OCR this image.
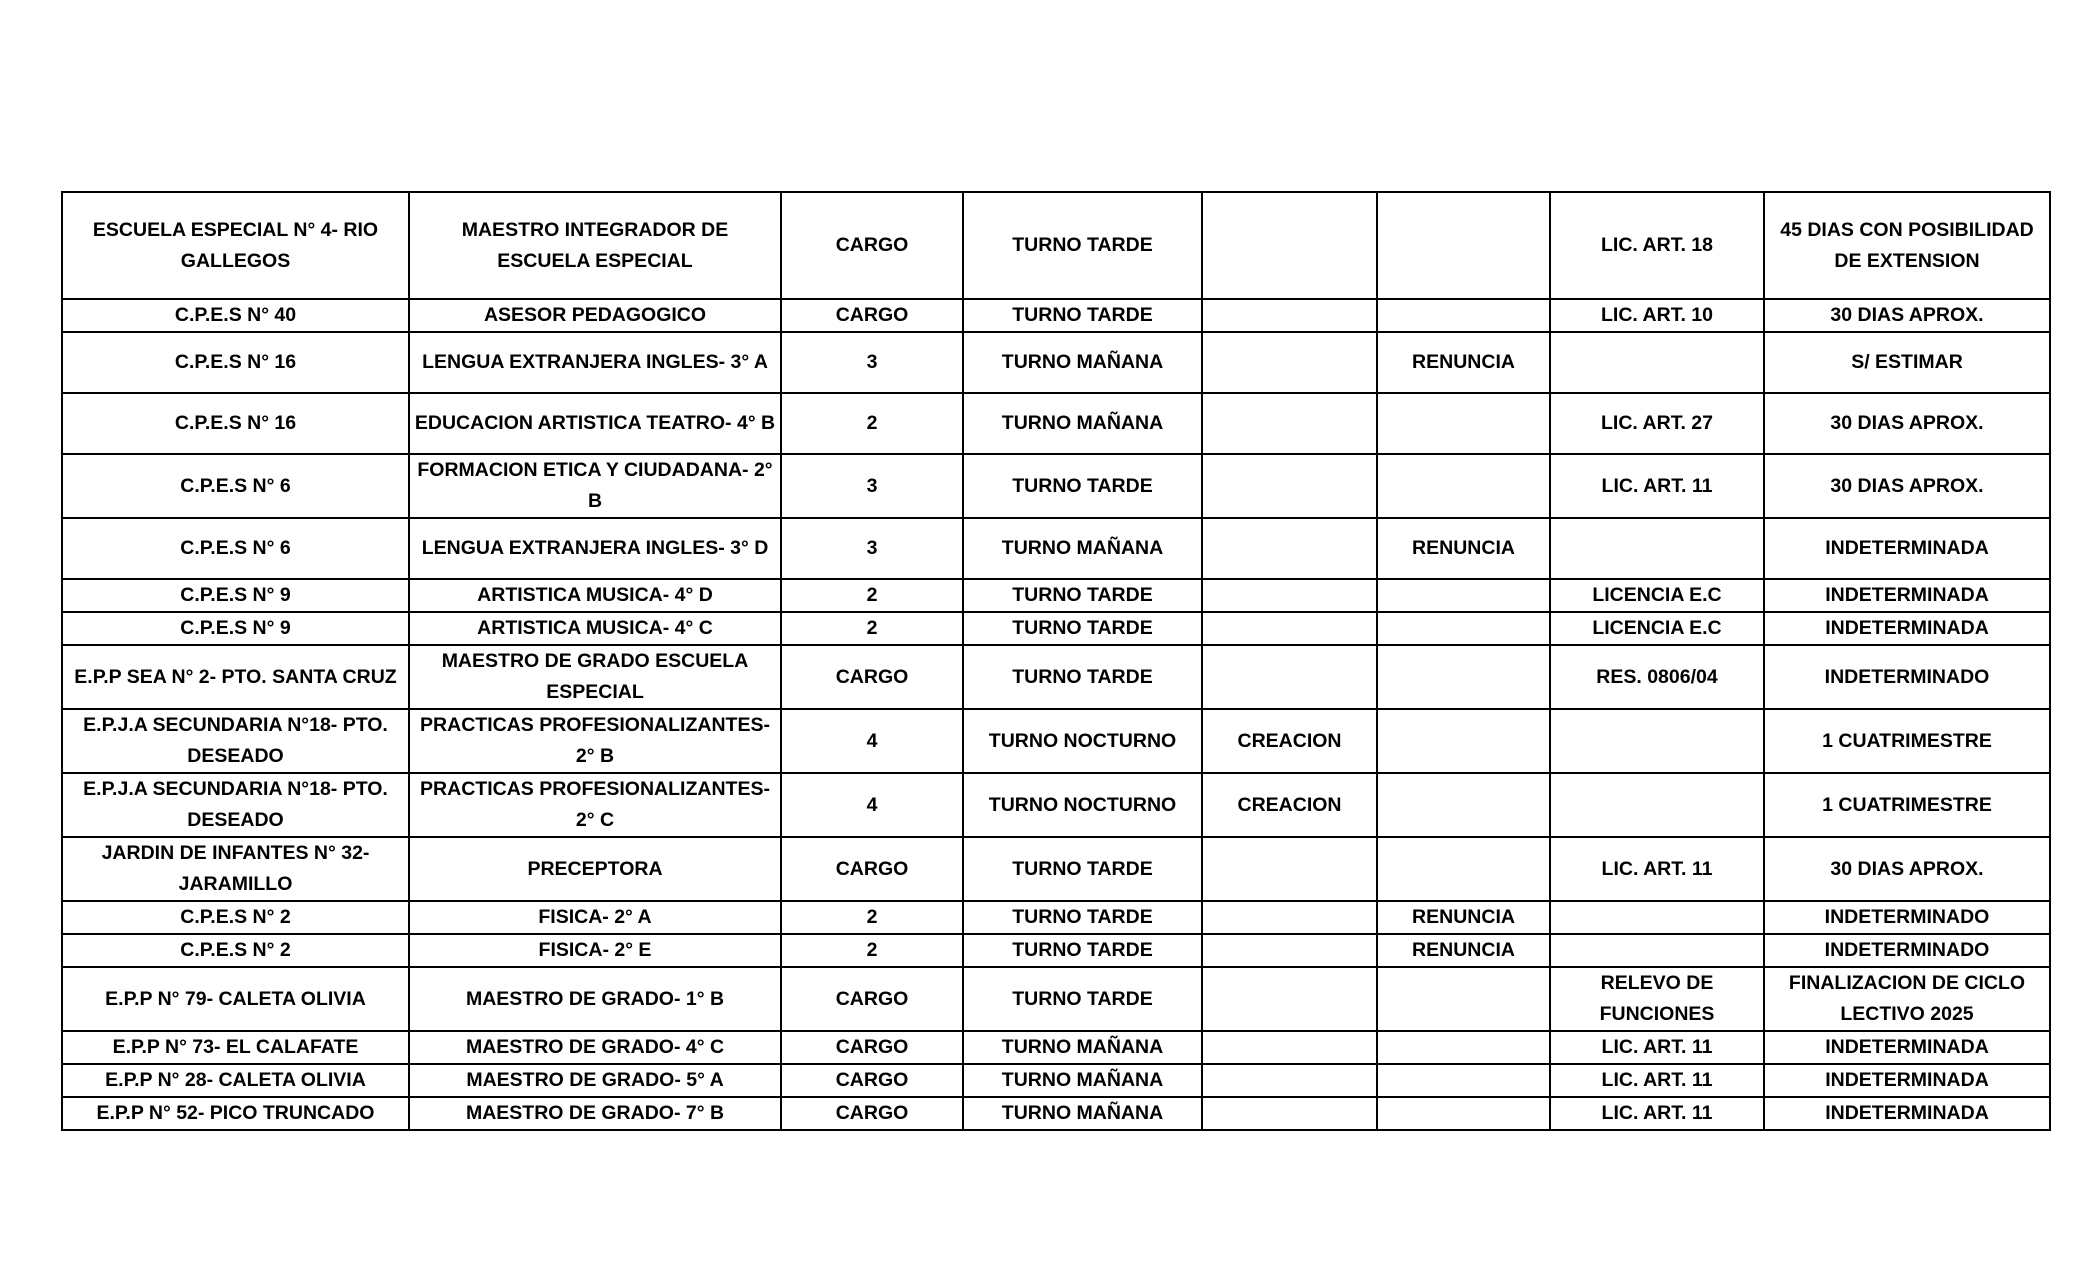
ESCUELA ESPECIAL N° 4- RIO GALLEGOS	MAESTRO INTEGRADOR DE ESCUELA ESPECIAL	CARGO	TURNO TARDE			LIC. ART. 18	45 DIAS CON POSIBILIDAD DE EXTENSION
C.P.E.S N° 40	ASESOR PEDAGOGICO	CARGO	TURNO TARDE			LIC. ART. 10	30 DIAS APROX.
C.P.E.S N° 16	LENGUA EXTRANJERA INGLES- 3° A	3	TURNO MAÑANA		RENUNCIA		S/ ESTIMAR
C.P.E.S N° 16	EDUCACION ARTISTICA TEATRO- 4° B	2	TURNO MAÑANA			LIC. ART. 27	30 DIAS APROX.
C.P.E.S N° 6	FORMACION ETICA Y CIUDADANA- 2° B	3	TURNO TARDE			LIC. ART. 11	30 DIAS APROX.
C.P.E.S N° 6	LENGUA EXTRANJERA INGLES- 3° D	3	TURNO MAÑANA		RENUNCIA		INDETERMINADA
C.P.E.S N° 9	ARTISTICA MUSICA- 4° D	2	TURNO TARDE			LICENCIA E.C	INDETERMINADA
C.P.E.S N° 9	ARTISTICA MUSICA- 4° C	2	TURNO TARDE			LICENCIA E.C	INDETERMINADA
E.P.P SEA N° 2- PTO. SANTA CRUZ	MAESTRO DE GRADO ESCUELA ESPECIAL	CARGO	TURNO TARDE			RES. 0806/04	INDETERMINADO
E.P.J.A SECUNDARIA N°18- PTO. DESEADO	PRACTICAS PROFESIONALIZANTES- 2° B	4	TURNO NOCTURNO	CREACION			1 CUATRIMESTRE
E.P.J.A SECUNDARIA N°18- PTO. DESEADO	PRACTICAS PROFESIONALIZANTES- 2° C	4	TURNO NOCTURNO	CREACION			1 CUATRIMESTRE
JARDIN DE INFANTES N° 32- JARAMILLO	PRECEPTORA	CARGO	TURNO TARDE			LIC. ART. 11	30 DIAS APROX.
C.P.E.S N° 2	FISICA- 2° A	2	TURNO TARDE		RENUNCIA		INDETERMINADO
C.P.E.S N° 2	FISICA- 2° E	2	TURNO TARDE		RENUNCIA		INDETERMINADO
E.P.P N° 79- CALETA OLIVIA	MAESTRO DE GRADO- 1° B	CARGO	TURNO TARDE			RELEVO DE FUNCIONES	FINALIZACION DE CICLO LECTIVO 2025
E.P.P N° 73- EL CALAFATE	MAESTRO DE GRADO- 4° C	CARGO	TURNO MAÑANA			LIC. ART. 11	INDETERMINADA
E.P.P N° 28- CALETA OLIVIA	MAESTRO DE GRADO- 5° A	CARGO	TURNO MAÑANA			LIC. ART. 11	INDETERMINADA
E.P.P N° 52- PICO TRUNCADO	MAESTRO DE GRADO- 7° B	CARGO	TURNO MAÑANA			LIC. ART. 11	INDETERMINADA
